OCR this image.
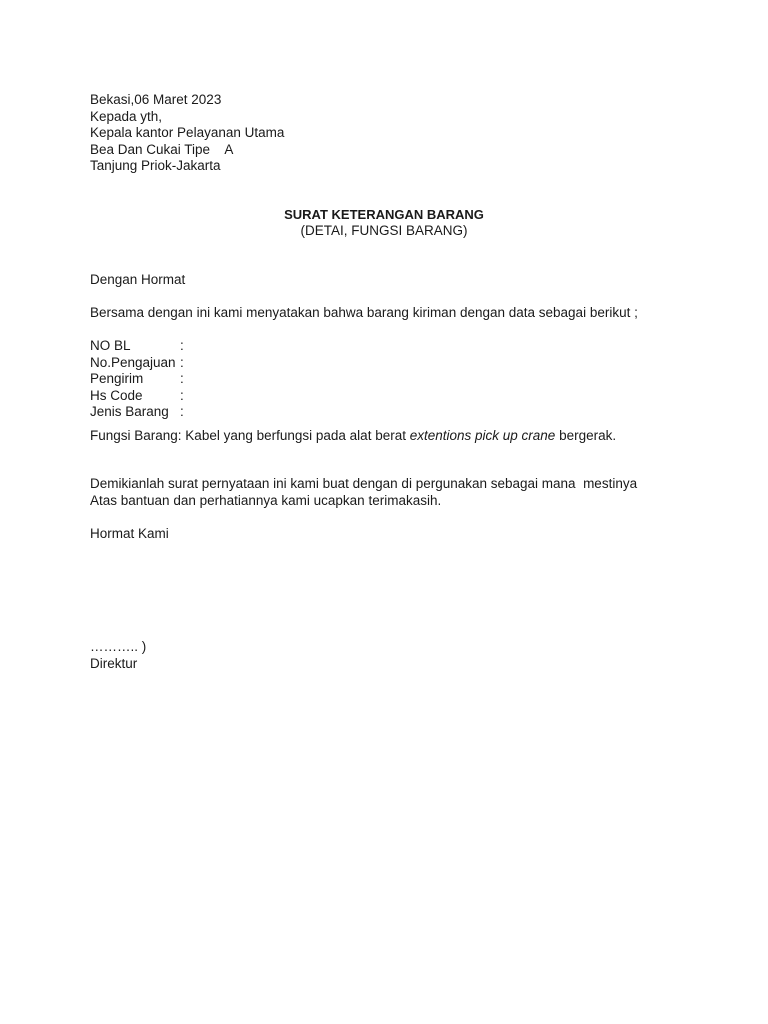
Bekasi,06 Maret 2023
Kepada yth,
Kepala kantor Pelayanan Utama
Bea Dan Cukai Tipe    A
Tanjung Priok-Jakarta
SURAT KETERANGAN BARANG
(DETAI, FUNGSI BARANG)
Dengan Hormat
Bersama dengan ini kami menyatakan bahwa barang kiriman dengan data sebagai berikut ;
NO BL	:
No.Pengajuan :
Pengirim	:
Hs Code	:
Jenis Barang :
Fungsi Barang: Kabel yang berfungsi pada alat berat extentions pick up crane bergerak.
Demikianlah surat pernyataan ini kami buat dengan di pergunakan sebagai mana  mestinya
Atas bantuan dan perhatiannya kami ucapkan terimakasih.
Hormat Kami
……….. )
Direktur
